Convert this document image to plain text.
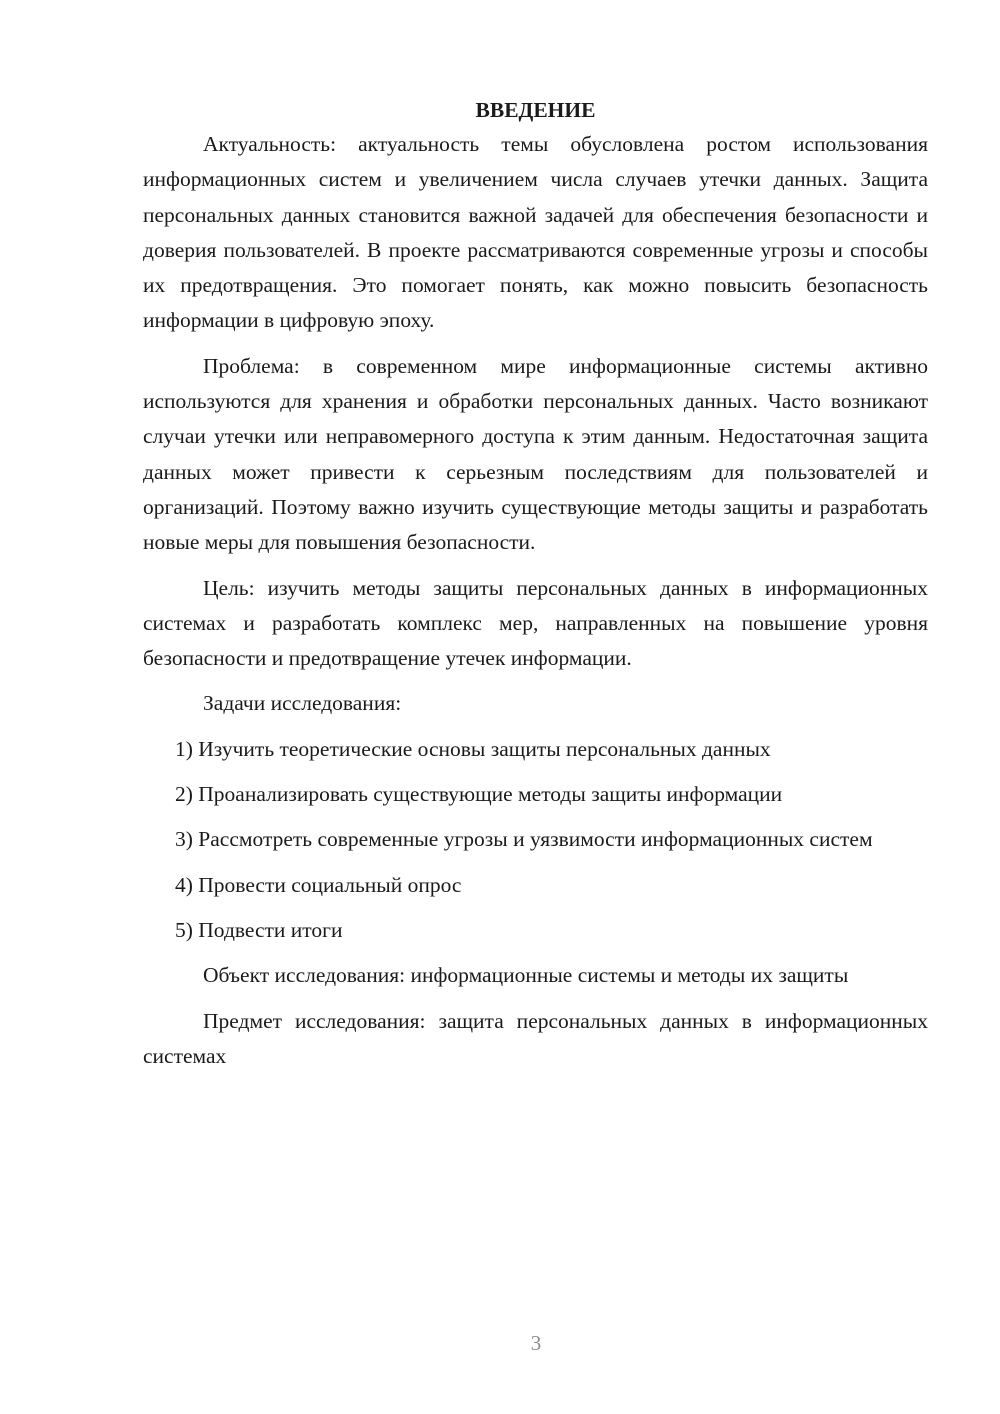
ВВЕДЕНИЕ

Актуальность: актуальность темы обусловлена ростом использования информационных систем и увеличением числа случаев утечки данных. Защита персональных данных становится важной задачей для обеспечения безопасности и доверия пользователей. В проекте рассматриваются современные угрозы и способы их предотвращения. Это помогает понять, как можно повысить безопасность информации в цифровую эпоху.

Проблема: в современном мире информационные системы активно используются для хранения и обработки персональных данных. Часто возникают случаи утечки или неправомерного доступа к этим данным. Недостаточная защита данных может привести к серьезным последствиям для пользователей и организаций. Поэтому важно изучить существующие методы защиты и разработать новые меры для повышения безопасности.

Цель: изучить методы защиты персональных данных в информационных системах и разработать комплекс мер, направленных на повышение уровня безопасности и предотвращение утечек информации.

Задачи исследования:

1) Изучить теоретические основы защиты персональных данных

2) Проанализировать существующие методы защиты информации

3) Рассмотреть современные угрозы и уязвимости информационных систем

4) Провести социальный опрос

5) Подвести итоги

Объект исследования: информационные системы и методы их защиты

Предмет исследования: защита персональных данных в информационных системах

3
